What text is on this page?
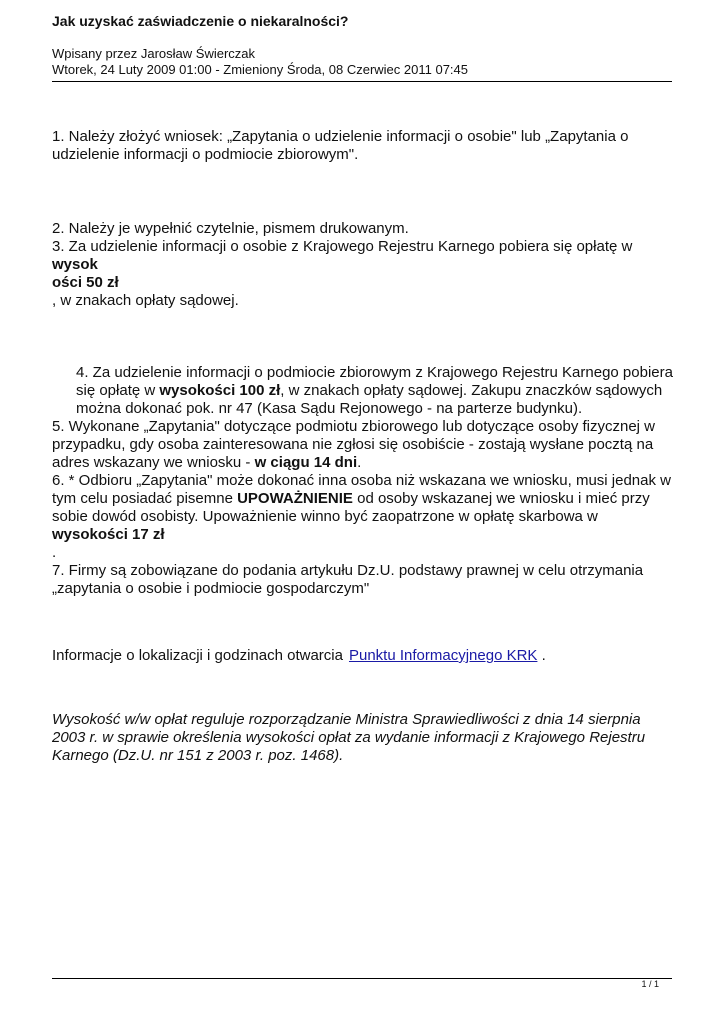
Jak uzyskać zaświadczenie o niekaralności?
Wpisany przez Jarosław Świerczak
Wtorek, 24 Luty 2009 01:00 - Zmieniony Środa, 08 Czerwiec 2011 07:45

1. Należy złożyć wniosek: „Zapytania o udzielenie informacji o osobie" lub „Zapytania o udzielenie informacji o podmiocie zbiorowym".

2. Należy je wypełnić czytelnie, pismem drukowanym.

3. Za udzielenie informacji o osobie z Krajowego Rejestru Karnego pobiera się opłatę w wysok
ości 50 zł

, w znakach opłaty sądowej.

4. Za udzielenie informacji o podmiocie zbiorowym z Krajowego Rejestru Karnego pobiera się opłatę w wysokości 100 zł, w znakach opłaty sądowej. Zakupu znaczków sądowych można dokonać pok. nr 47 (Kasa Sądu Rejonowego - na parterze budynku).

5. Wykonane „Zapytania" dotyczące podmiotu zbiorowego lub dotyczące osoby fizycznej w przypadku, gdy osoba zainteresowana nie zgłosi się osobiście - zostają wysłane pocztą na adres wskazany we wniosku - w ciągu 14 dni.

6. * Odbioru „Zapytania" może dokonać inna osoba niż wskazana we wniosku, musi jednak w tym celu posiadać pisemne UPOWAŻNIENIE od osoby wskazanej we wniosku i mieć przy sobie dowód osobisty. Upoważnienie winno być zaopatrzone w opłatę skarbowa w
wysokości 17 zł

.

7. Firmy są zobowiązane do podania artykułu Dz.U. podstawy prawnej w celu otrzymania „zapytania o osobie i podmiocie gospodarczym"

Informacje o lokalizacji i godzinach otwarcia Punktu Informacyjnego KRK .

Wysokość w/w opłat reguluje rozporządzanie Ministra Sprawiedliwości z dnia 14 sierpnia 2003 r. w sprawie określenia wysokości opłat za wydanie informacji z Krajowego Rejestru Karnego (Dz.U. nr 151 z 2003 r. poz. 1468).

1 / 1
